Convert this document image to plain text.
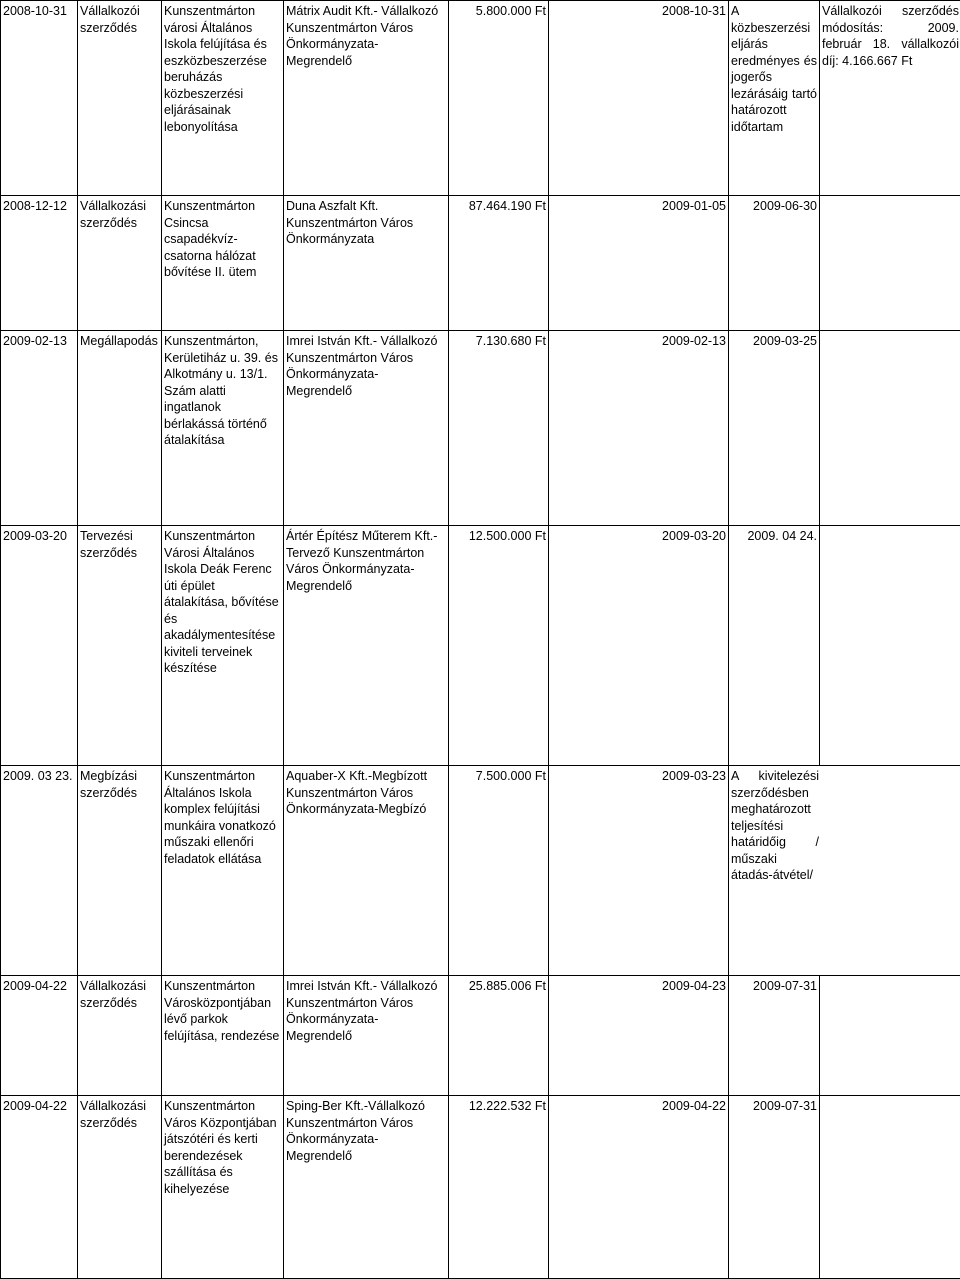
2008-10-31	Vállalkozói szerződés	Kunszentmárton városi Általános Iskola felújítása és eszközbeszerzése beruházás közbeszerzési eljárásainak lebonyolítása	Mátrix Audit Kft.- Vállalkozó Kunszentmárton Város Önkormányzata- Megrendelő	5.800.000 Ft	2008-10-31	A közbeszerzési eljárás eredményes és jogerős lezárásáig tartó határozott időtartam	Vállalkozói szerződés módosítás: 2009. február 18. vállalkozói díj: 4.166.667 Ft
2008-12-12	Vállalkozási szerződés	Kunszentmárton Csincsa csapadékvíz-csatorna hálózat bővítése II. ütem	Duna Aszfalt Kft. Kunszentmárton Város Önkormányzata	87.464.190 Ft	2009-01-05	2009-06-30	
2009-02-13	Megállapodás	Kunszentmárton, Kerületiház u. 39. és Alkotmány u. 13/1. Szám alatti ingatlanok bérlakássá történő átalakítása	Imrei István Kft.- Vállalkozó Kunszentmárton Város Önkormányzata- Megrendelő	7.130.680 Ft	2009-02-13	2009-03-25	
2009-03-20	Tervezési szerződés	Kunszentmárton Városi Általános Iskola Deák Ferenc úti épület átalakítása, bővítése és akadálymentesítése kiviteli terveinek készítése	Ártér Építész Műterem Kft.- Tervező Kunszentmárton Város Önkormányzata- Megrendelő	12.500.000 Ft	2009-03-20	2009. 04 24.	
2009. 03 23.	Megbízási szerződés	Kunszentmárton Általános Iskola komplex felújítási munkáira vonatkozó műszaki ellenőri feladatok ellátása	Aquaber-X Kft.-Megbízott Kunszentmárton Város Önkormányzata-Megbízó	7.500.000 Ft	2009-03-23	A kivitelezési szerződésben meghatározott teljesítési határidőig / műszaki átadás-átvétel/	
2009-04-22	Vállalkozási szerződés	Kunszentmárton Városközpontjában lévő parkok felújítása, rendezése	Imrei István Kft.- Vállalkozó Kunszentmárton Város Önkormányzata- Megrendelő	25.885.006 Ft	2009-04-23	2009-07-31	
2009-04-22	Vállalkozási szerződés	Kunszentmárton Város Központjában játszótéri és kerti berendezések szállítása és kihelyezése	Sping-Ber Kft.-Vállalkozó Kunszentmárton Város Önkormányzata- Megrendelő	12.222.532 Ft	2009-04-22	2009-07-31	
